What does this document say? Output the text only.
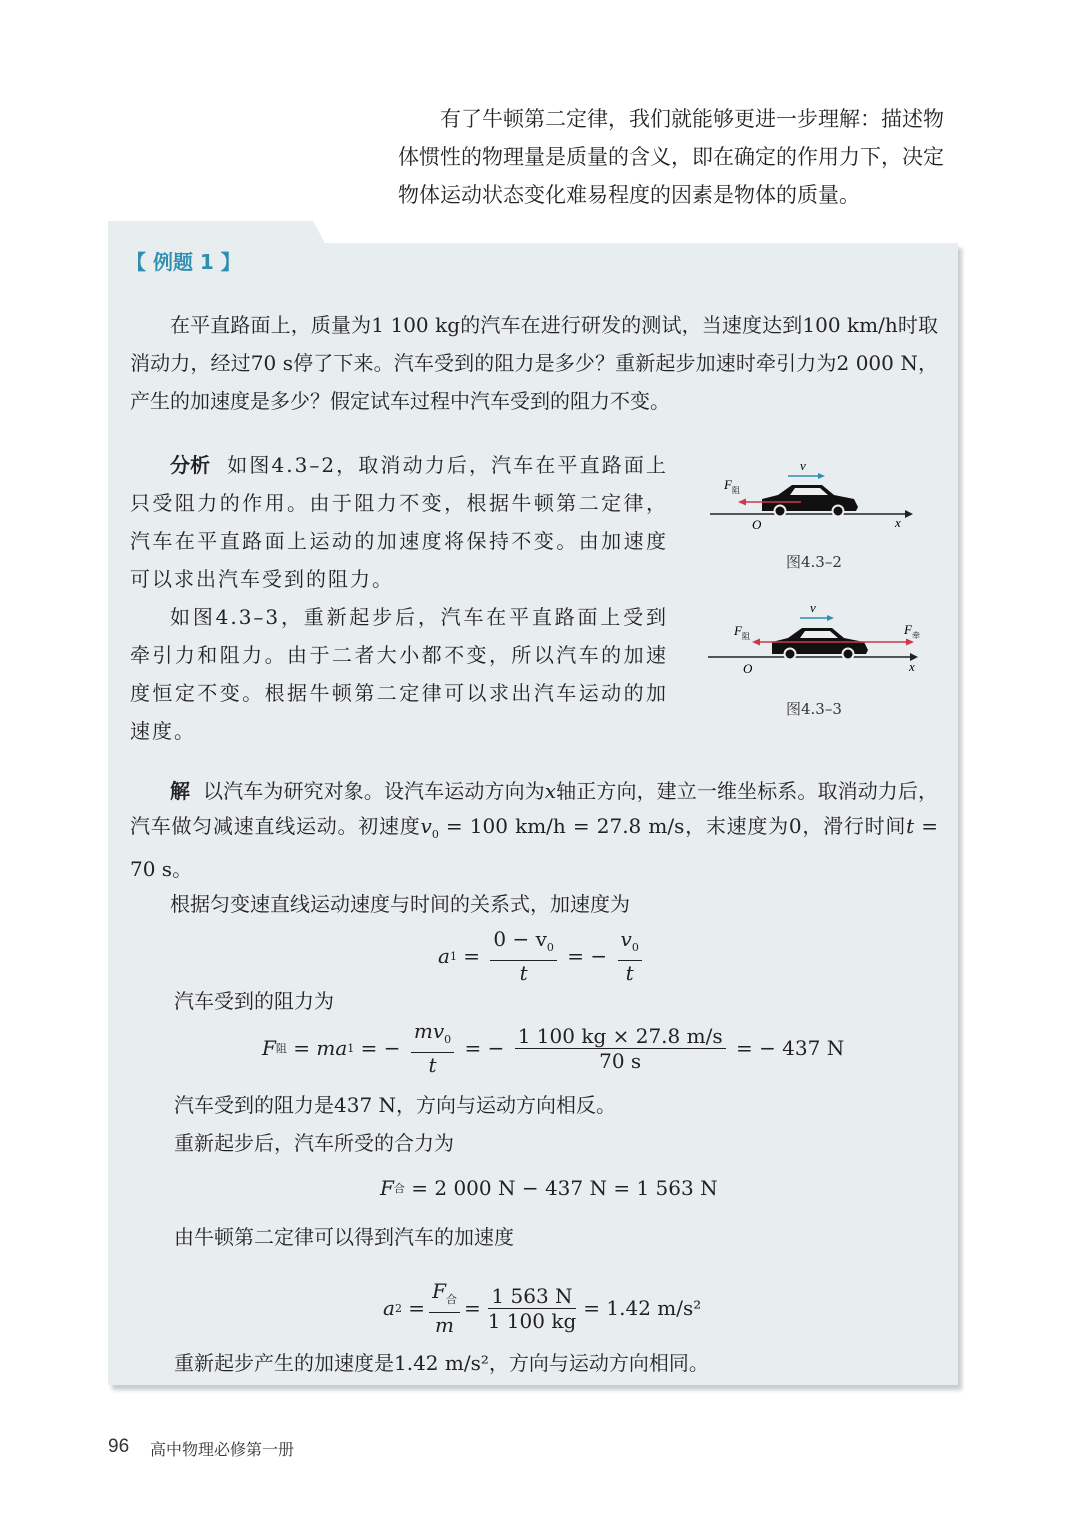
有了牛顿第二定律，我们就能够更进一步理解：描述物

体惯性的物理量是质量的含义，即在确定的作用力下，决定

物体运动状态变化难易程度的因素是物体的质量。

【 例题 1 】

在平直路面上，质量为1 100 kg的汽车在进行研发的测试，当速度达到100 km/h时取消动力，经过70 s停了下来。汽车受到的阻力是多少？重新起步加速时牵引力为2 000 N，产生的加速度是多少？假定试车过程中汽车受到的阻力不变。

分析 如图4.3–2，取消动力后，汽车在平直路面上只受阻力的作用。由于阻力不变，根据牛顿第二定律，汽车在平直路面上运动的加速度将保持不变。由加速度可以求出汽车受到的阻力。

如图4.3–3，重新起步后，汽车在平直路面上受到牵引力和阻力。由于二者大小都不变，所以汽车的加速度恒定不变。根据牛顿第二定律可以求出汽车运动的加速度。

v
F 阻
O	x
图4.3–2
v
F 阻	F 牵
O	x
图4.3–3

解 以汽车为研究对象。设汽车运动方向为x轴正方向，建立一维坐标系。取消动力后，汽车做匀减速直线运动。初速度$v_0 = 100$ km/h = 27.8 m/s，末速度为0，滑行时间t = 70 s。

根据匀变速直线运动速度与时间的关系式，加速度为

a $1 = \frac{0 - v_0}{t}$ = − $\frac{v_0}{t}$
汽车受到的阻力为
F 阻 = ma 1 = − $\frac{mv_0}{t}$ = − $\frac{1 100 kg \times 27.8 m/s}{70 s}$
= − 437 N
汽车受到的阻力是437 N，方向与运动方向相反。
重新起步后，汽车所受的合力为
F 合
= 2 000 N − 437 N = 1 563 N
由牛顿第二定律可以得到汽车的加速度
a $2 = \frac{F_合}{m} = \frac{1 563 N}{1 100 kg} = 1.42$ m/s²
重新起步产生的加速度是1.42 m/s²，方向与运动方向相同。
96 高中物理必修第一册
